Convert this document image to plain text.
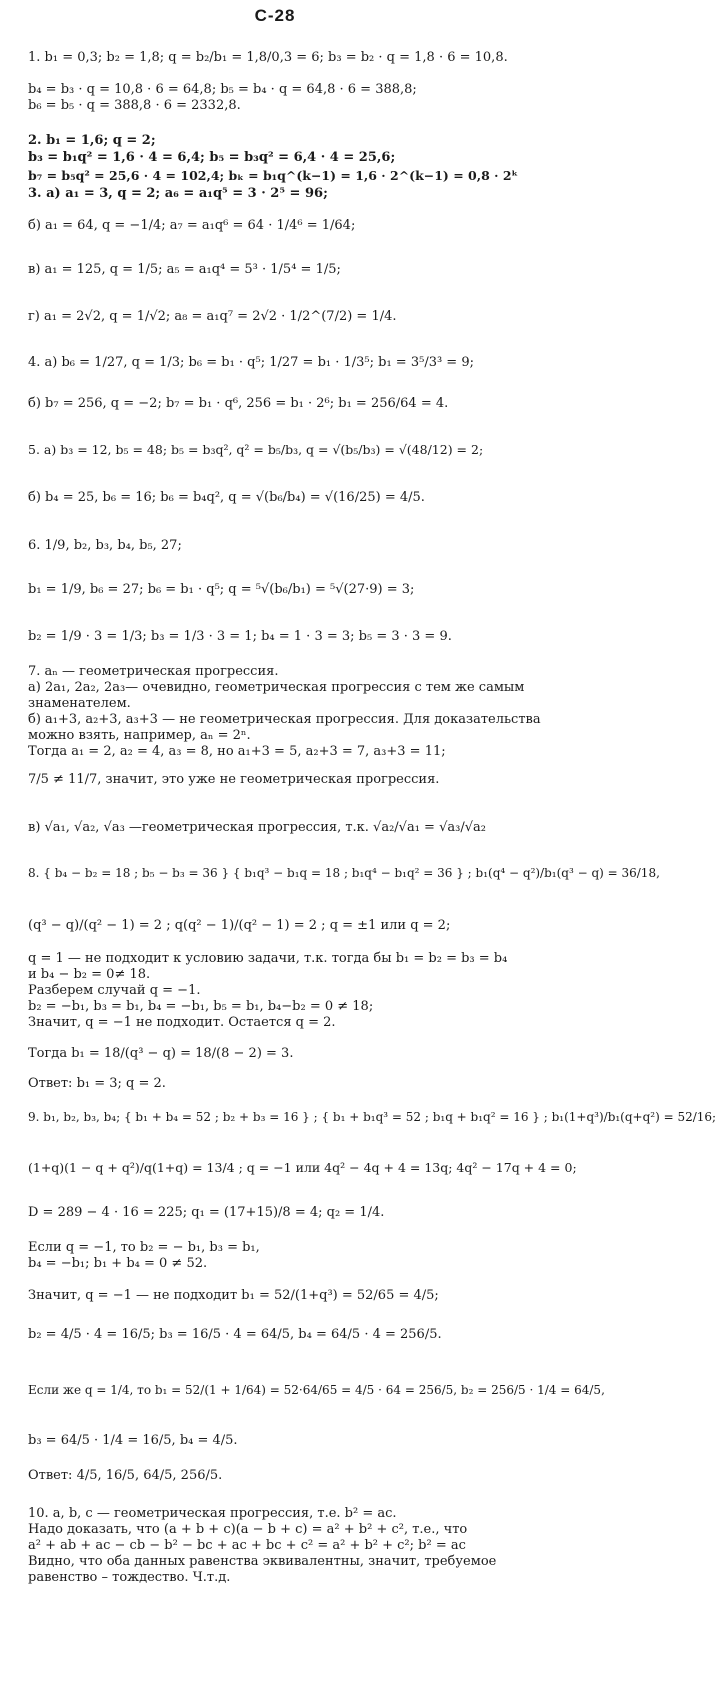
С-28
1. b₁ = 0,3; b₂ = 1,8; q = b₂/b₁ = 1,8/0,3 = 6; b₃ = b₂ · q = 1,8 · 6 = 10,8.
b₄ = b₃ · q = 10,8 · 6 = 64,8; b₅ = b₄ · q = 64,8 · 6 = 388,8;
b₆ = b₅ · q = 388,8 · 6 = 2332,8.
2. b₁ = 1,6; q = 2;
b₃ = b₁q² = 1,6 · 4 = 6,4; b₅ = b₃q² = 6,4 · 4 = 25,6;
b₇ = b₅q² = 25,6 · 4 = 102,4; bₖ = b₁q^(k−1) = 1,6 · 2^(k−1) = 0,8 · 2ᵏ
3. а) a₁ = 3, q = 2; a₆ = a₁q⁵ = 3 · 2⁵ = 96;
б) a₁ = 64, q = −1/4; a₇ = a₁q⁶ = 64 · 1/4⁶ = 1/64;
в) a₁ = 125, q = 1/5; a₅ = a₁q⁴ = 5³ · 1/5⁴ = 1/5;
г) a₁ = 2√2, q = 1/√2; a₈ = a₁q⁷ = 2√2 · 1/2^(7/2) = 1/4.
4. а) b₆ = 1/27, q = 1/3; b₆ = b₁ · q⁵; 1/27 = b₁ · 1/3⁵; b₁ = 3⁵/3³ = 9;
б) b₇ = 256, q = −2; b₇ = b₁ · q⁶, 256 = b₁ · 2⁶; b₁ = 256/64 = 4.
5. а) b₃ = 12, b₅ = 48; b₅ = b₃q², q² = b₅/b₃, q = √(b₅/b₃) = √(48/12) = 2;
б) b₄ = 25, b₆ = 16; b₆ = b₄q², q = √(b₆/b₄) = √(16/25) = 4/5.
6. 1/9, b₂, b₃, b₄, b₅, 27;
b₁ = 1/9, b₆ = 27; b₆ = b₁ · q⁵; q = ⁵√(b₆/b₁) = ⁵√(27·9) = 3;
b₂ = 1/9 · 3 = 1/3; b₃ = 1/3 · 3 = 1; b₄ = 1 · 3 = 3; b₅ = 3 · 3 = 9.
7. aₙ — геометрическая прогрессия.
а) 2a₁, 2a₂, 2a₃— очевидно, геометрическая прогрессия с тем же самым
знаменателем.
б) a₁+3, a₂+3, a₃+3 — не геометрическая прогрессия. Для доказательства
можно взять, например, aₙ = 2ⁿ.
Тогда a₁ = 2, a₂ = 4, a₃ = 8, но a₁+3 = 5, a₂+3 = 7, a₃+3 = 11;
7/5 ≠ 11/7, значит, это уже не геометрическая прогрессия.
в) √a₁, √a₂, √a₃ —геометрическая прогрессия, т.к. √a₂/√a₁ = √a₃/√a₂
8. { b₄ − b₂ = 18 ; b₅ − b₃ = 36 } { b₁q³ − b₁q = 18 ; b₁q⁴ − b₁q² = 36 } ; b₁(q⁴ − q²)/b₁(q³ − q) = 36/18,
(q³ − q)/(q² − 1) = 2 ; q(q² − 1)/(q² − 1) = 2 ; q = ±1 или q = 2;
q = 1 — не подходит к условию задачи, т.к. тогда бы b₁ = b₂ = b₃ = b₄
и b₄ − b₂ = 0≠ 18.
Разберем случай q = −1.
b₂ = −b₁, b₃ = b₁, b₄ = −b₁, b₅ = b₁, b₄−b₂ = 0 ≠ 18;
Значит, q = −1 не подходит. Остается q = 2.
Тогда b₁ = 18/(q³ − q) = 18/(8 − 2) = 3.
Ответ: b₁ = 3; q = 2.
9. b₁, b₂, b₃, b₄; { b₁ + b₄ = 52 ; b₂ + b₃ = 16 } ; { b₁ + b₁q³ = 52 ; b₁q + b₁q² = 16 } ; b₁(1+q³)/b₁(q+q²) = 52/16;
(1+q)(1 − q + q²)/q(1+q) = 13/4 ; q = −1 или 4q² − 4q + 4 = 13q; 4q² − 17q + 4 = 0;
D = 289 − 4 · 16 = 225; q₁ = (17+15)/8 = 4; q₂ = 1/4.
Если q = −1, то b₂ = − b₁, b₃ = b₁,
b₄ = −b₁; b₁ + b₄ = 0 ≠ 52.
Значит, q = −1 — не подходит b₁ = 52/(1+q³) = 52/65 = 4/5;
b₂ = 4/5 · 4 = 16/5; b₃ = 16/5 · 4 = 64/5, b₄ = 64/5 · 4 = 256/5.
Если же q = 1/4, то b₁ = 52/(1 + 1/64) = 52·64/65 = 4/5 · 64 = 256/5, b₂ = 256/5 · 1/4 = 64/5,
b₃ = 64/5 · 1/4 = 16/5, b₄ = 4/5.
Ответ: 4/5, 16/5, 64/5, 256/5.
10. a, b, c — геометрическая прогрессия, т.е. b² = ac.
Надо доказать, что (a + b + c)(a − b + c) = a² + b² + c², т.е., что
a² + ab + ac − cb − b² − bc + ac + bc + c² = a² + b² + c²; b² = ac
Видно, что оба данных равенства эквивалентны, значит, требуемое
равенство – тождество. Ч.т.д.
